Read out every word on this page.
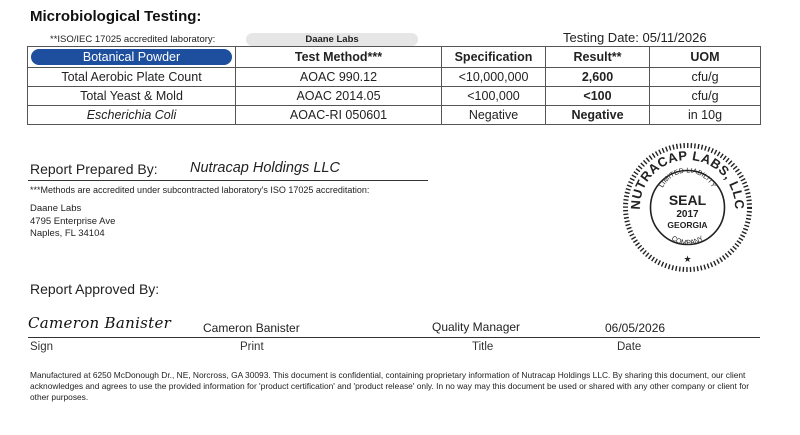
Microbiological Testing:
**ISO/IEC 17025 accredited laboratory:	Daane Labs	Testing Date: 05/11/2026
Botanical Powder	Test Method***	Specification	Result**	UOM
Total Aerobic Plate Count	AOAC 990.12	<10,000,000	2,600	cfu/g
Total Yeast & Mold	AOAC 2014.05	<100,000	<100	cfu/g
Escherichia Coli	AOAC-RI 050601	Negative	Negative	in 10g
Report Prepared By: Nutracap Holdings LLC
***Methods are accredited under subcontracted laboratory's ISO 17025 accreditation:
Daane Labs
4795 Enterprise Ave
Naples, FL 34104
NUTRACAP LABS, LLC
LIMITED LIABILITY
SEAL
2017
GEORGIA
COMPANY
★
Report Approved By:
Cameron Banister	Cameron Banister	Quality Manager	06/05/2026
Sign	Print	Title	Date
Manufactured at 6250 McDonough Dr., NE, Norcross, GA 30093. This document is confidential, containing proprietary information of Nutracap Holdings LLC. By sharing this document, our client acknowledges and agrees to use the provided information for 'product certification' and 'product release' only. In no way may this document be used or shared with any other company or client for other purposes.
